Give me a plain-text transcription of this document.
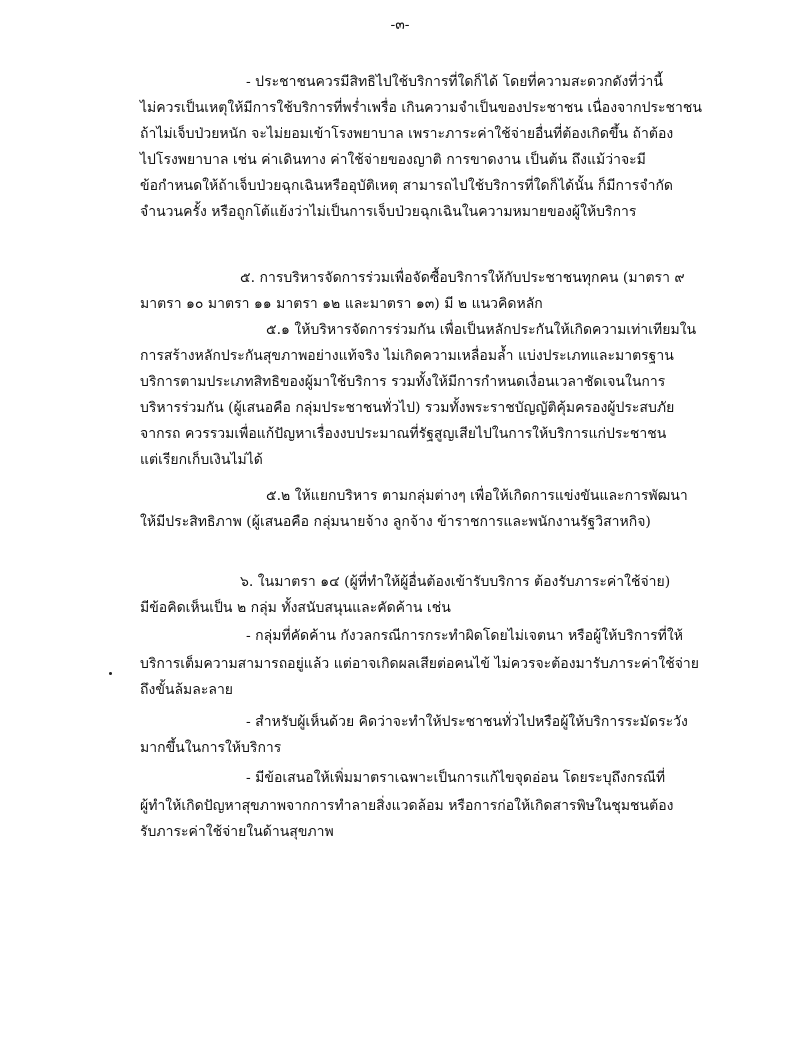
-๓-
- ประชาชนควรมีสิทธิไปใช้บริการที่ใดก็ได้ โดยที่ความสะดวกดังที่ว่านี้
ไม่ควรเป็นเหตุให้มีการใช้บริการที่พร่ำเพรื่อ เกินความจำเป็นของประชาชน เนื่องจากประชาชน
ถ้าไม่เจ็บป่วยหนัก จะไม่ยอมเข้าโรงพยาบาล เพราะภาระค่าใช้จ่ายอื่นที่ต้องเกิดขึ้น ถ้าต้อง
ไปโรงพยาบาล เช่น ค่าเดินทาง ค่าใช้จ่ายของญาติ การขาดงาน เป็นต้น ถึงแม้ว่าจะมี
ข้อกำหนดให้ถ้าเจ็บป่วยฉุกเฉินหรืออุบัติเหตุ สามารถไปใช้บริการที่ใดก็ได้นั้น ก็มีการจำกัด
จำนวนครั้ง หรือถูกโต้แย้งว่าไม่เป็นการเจ็บป่วยฉุกเฉินในความหมายของผู้ให้บริการ
๕. การบริหารจัดการร่วมเพื่อจัดซื้อบริการให้กับประชาชนทุกคน (มาตรา ๙
มาตรา ๑๐ มาตรา ๑๑ มาตรา ๑๒ และมาตรา ๑๓) มี ๒ แนวคิดหลัก
๕.๑ ให้บริหารจัดการร่วมกัน เพื่อเป็นหลักประกันให้เกิดความเท่าเทียมใน
การสร้างหลักประกันสุขภาพอย่างแท้จริง ไม่เกิดความเหลื่อมล้ำ แบ่งประเภทและมาตรฐาน
บริการตามประเภทสิทธิของผู้มาใช้บริการ รวมทั้งให้มีการกำหนดเงื่อนเวลาชัดเจนในการ
บริหารร่วมกัน (ผู้เสนอคือ กลุ่มประชาชนทั่วไป) รวมทั้งพระราชบัญญัติคุ้มครองผู้ประสบภัย
จากรถ ควรรวมเพื่อแก้ปัญหาเรื่องงบประมาณที่รัฐสูญเสียไปในการให้บริการแก่ประชาชน
แต่เรียกเก็บเงินไม่ได้
๕.๒ ให้แยกบริหาร ตามกลุ่มต่างๆ เพื่อให้เกิดการแข่งขันและการพัฒนา
ให้มีประสิทธิภาพ (ผู้เสนอคือ กลุ่มนายจ้าง ลูกจ้าง ข้าราชการและพนักงานรัฐวิสาหกิจ)
๖. ในมาตรา ๑๔ (ผู้ที่ทำให้ผู้อื่นต้องเข้ารับบริการ ต้องรับภาระค่าใช้จ่าย)
มีข้อคิดเห็นเป็น ๒ กลุ่ม ทั้งสนับสนุนและคัดค้าน เช่น
- กลุ่มที่คัดค้าน กังวลกรณีการกระทำผิดโดยไม่เจตนา หรือผู้ให้บริการที่ให้
บริการเต็มความสามารถอยู่แล้ว แต่อาจเกิดผลเสียต่อคนไข้ ไม่ควรจะต้องมารับภาระค่าใช้จ่าย
ถึงขั้นล้มละลาย
- สำหรับผู้เห็นด้วย คิดว่าจะทำให้ประชาชนทั่วไปหรือผู้ให้บริการระมัดระวัง
มากขึ้นในการให้บริการ
- มีข้อเสนอให้เพิ่มมาตราเฉพาะเป็นการแก้ไขจุดอ่อน โดยระบุถึงกรณีที่
ผู้ทำให้เกิดปัญหาสุขภาพจากการทำลายสิ่งแวดล้อม หรือการก่อให้เกิดสารพิษในชุมชนต้อง
รับภาระค่าใช้จ่ายในด้านสุขภาพ
